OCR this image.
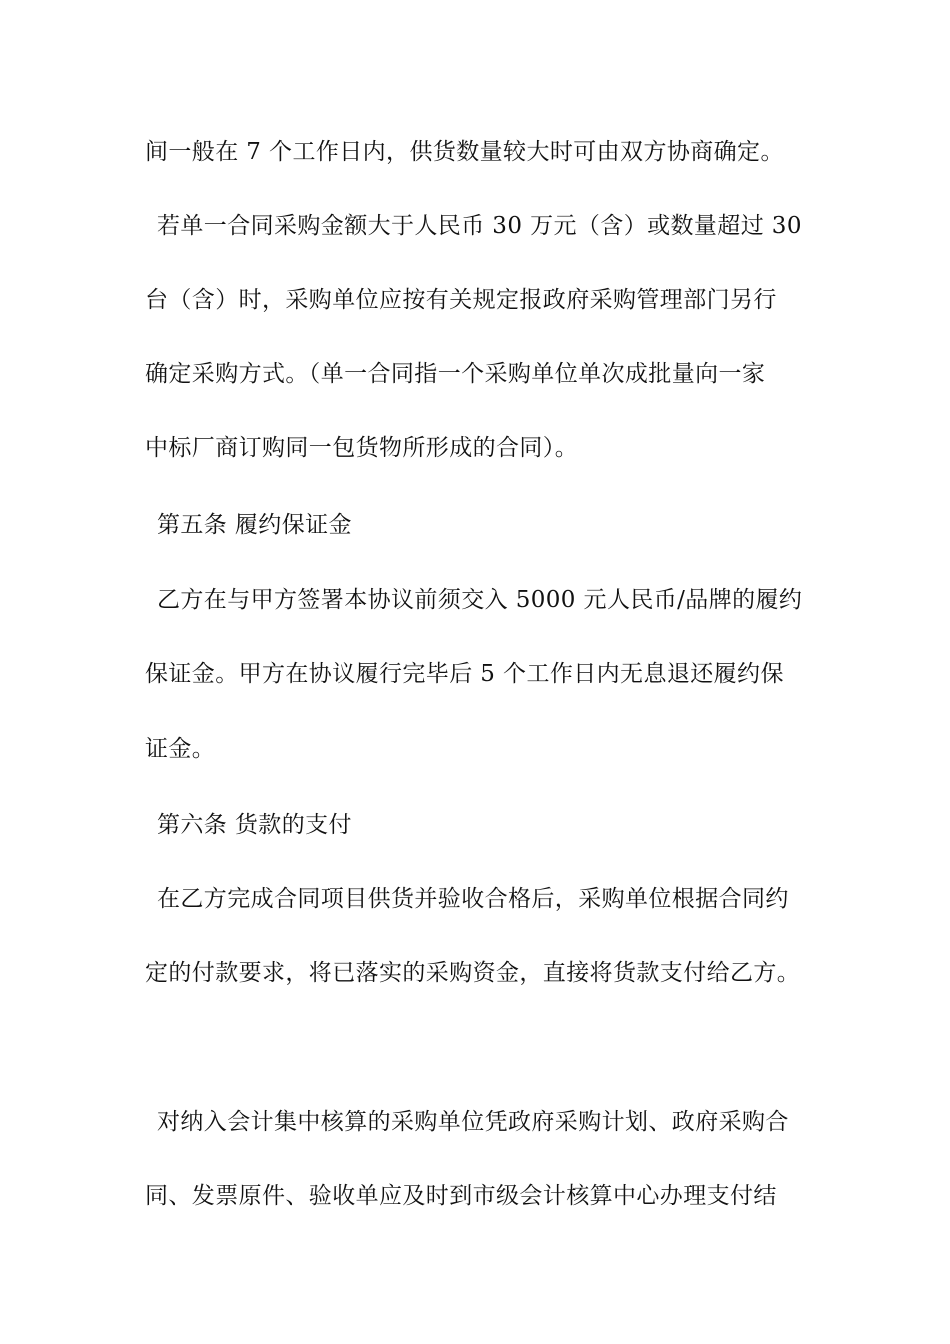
间一般在 7 个工作日内，供货数量较大时可由双方协商确定。
若单一合同采购金额大于人民币 30 万元（含）或数量超过 30
台（含）时，采购单位应按有关规定报政府采购管理部门另行
确定采购方式。（单一合同指一个采购单位单次成批量向一家
中标厂商订购同一包货物所形成的合同）。
第五条 履约保证金
乙方在与甲方签署本协议前须交入 5000 元人民币/品牌的履约
保证金。甲方在协议履行完毕后 5 个工作日内无息退还履约保
证金。
第六条 货款的支付
在乙方完成合同项目供货并验收合格后，采购单位根据合同约
定的付款要求，将已落实的采购资金，直接将货款支付给乙方。
对纳入会计集中核算的采购单位凭政府采购计划、政府采购合
同、发票原件、验收单应及时到市级会计核算中心办理支付结
